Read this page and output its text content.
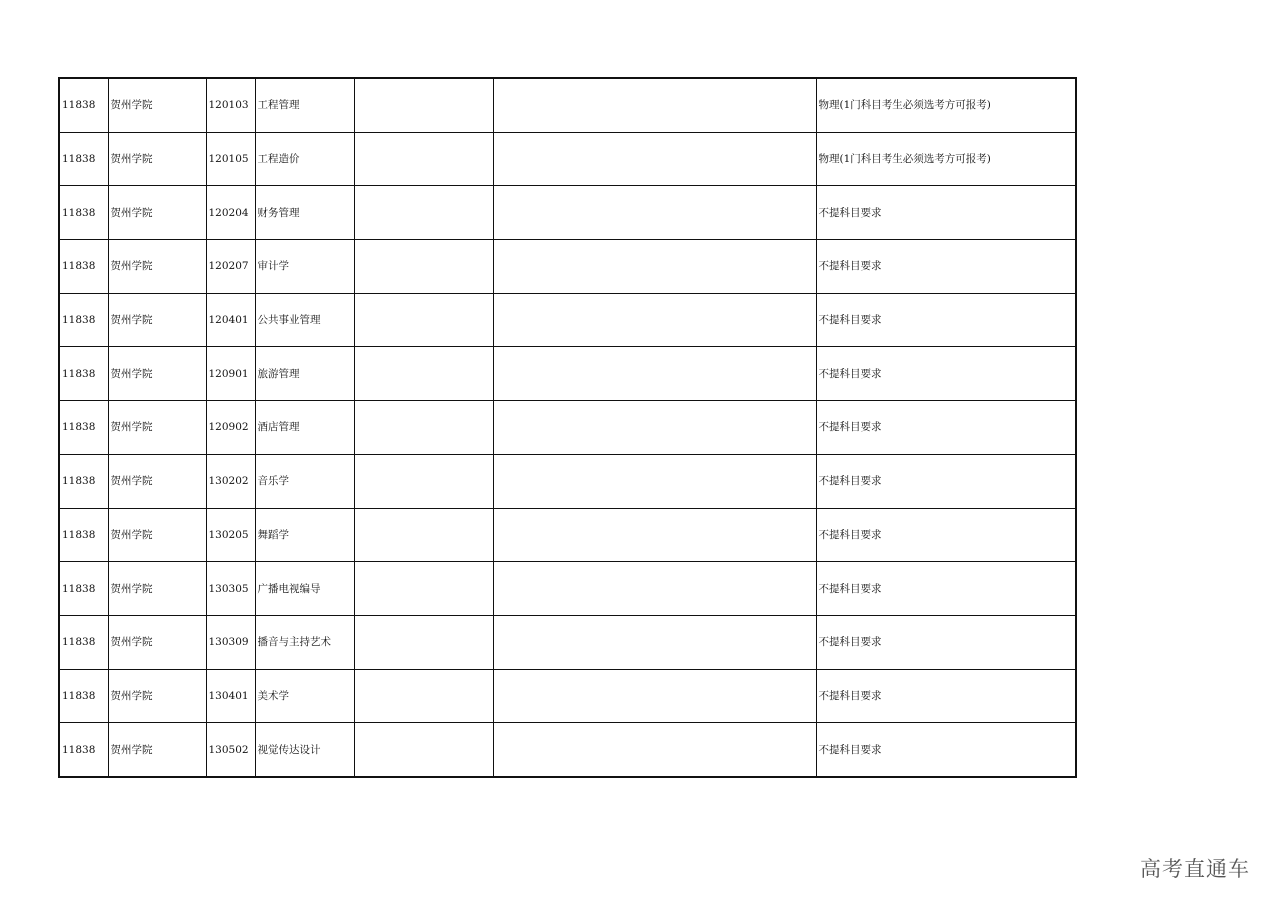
11838	贺州学院	120103	工程管理			物理(1门科目考生必须选考方可报考)
11838	贺州学院	120105	工程造价			物理(1门科目考生必须选考方可报考)
11838	贺州学院	120204	财务管理			不提科目要求
11838	贺州学院	120207	审计学			不提科目要求
11838	贺州学院	120401	公共事业管理			不提科目要求
11838	贺州学院	120901	旅游管理			不提科目要求
11838	贺州学院	120902	酒店管理			不提科目要求
11838	贺州学院	130202	音乐学			不提科目要求
11838	贺州学院	130205	舞蹈学			不提科目要求
11838	贺州学院	130305	广播电视编导			不提科目要求
11838	贺州学院	130309	播音与主持艺术			不提科目要求
11838	贺州学院	130401	美术学			不提科目要求
11838	贺州学院	130502	视觉传达设计			不提科目要求
高考直通车
